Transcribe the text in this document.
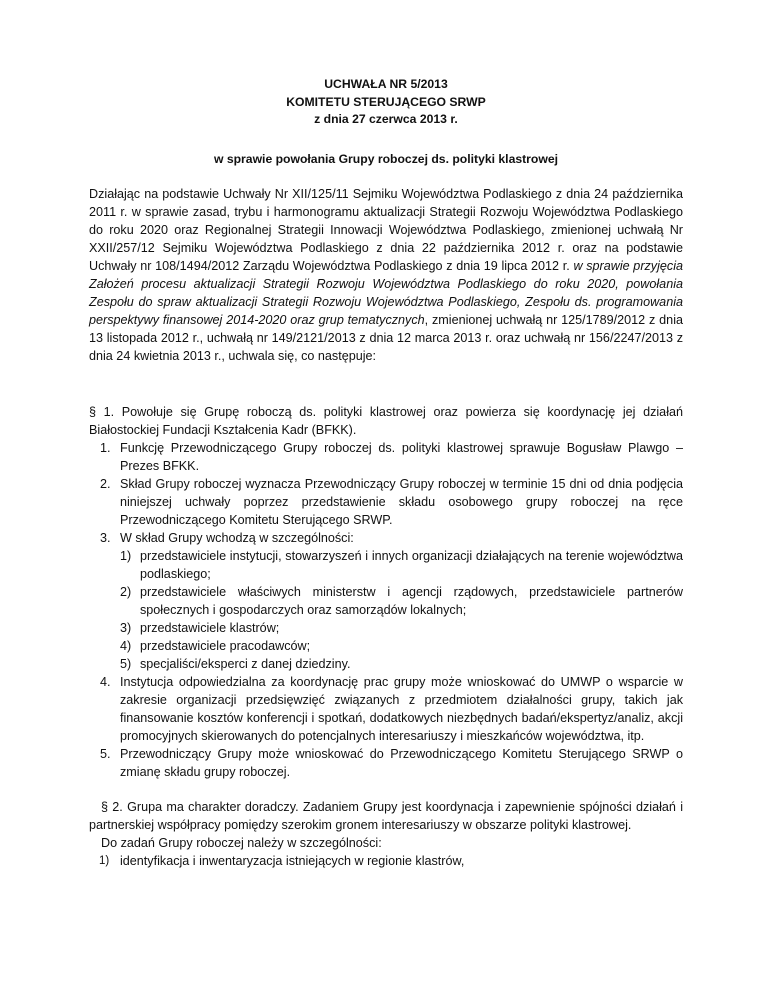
UCHWAŁA NR 5/2013
KOMITETU STERUJĄCEGO SRWP
z dnia 27 czerwca 2013 r.
w sprawie powołania Grupy roboczej ds. polityki klastrowej
Działając na podstawie Uchwały Nr XII/125/11 Sejmiku Województwa Podlaskiego z dnia 24 października 2011 r. w sprawie zasad, trybu i harmonogramu aktualizacji Strategii Rozwoju Województwa Podlaskiego do roku 2020 oraz Regionalnej Strategii Innowacji Województwa Podlaskiego, zmienionej uchwałą Nr XXII/257/12 Sejmiku Województwa Podlaskiego z dnia 22 października 2012 r. oraz na podstawie Uchwały nr 108/1494/2012 Zarządu Województwa Podlaskiego z dnia 19 lipca 2012 r. w sprawie przyjęcia Założeń procesu aktualizacji Strategii Rozwoju Województwa Podlaskiego do roku 2020, powołania Zespołu do spraw aktualizacji Strategii Rozwoju Województwa Podlaskiego, Zespołu ds. programowania perspektywy finansowej 2014-2020 oraz grup tematycznych, zmienionej uchwałą nr 125/1789/2012 z dnia 13 listopada 2012 r., uchwałą nr 149/2121/2013 z dnia 12 marca 2013 r. oraz uchwałą nr 156/2247/2013 z dnia 24 kwietnia 2013 r., uchwala się, co następuje:
§ 1. Powołuje się Grupę roboczą ds. polityki klastrowej oraz powierza się koordynację jej działań Białostockiej Fundacji Kształcenia Kadr (BFKK).
1. Funkcję Przewodniczącego Grupy roboczej ds. polityki klastrowej sprawuje Bogusław Plawgo – Prezes BFKK.
2. Skład Grupy roboczej wyznacza Przewodniczący Grupy roboczej w terminie 15 dni od dnia podjęcia niniejszej uchwały poprzez przedstawienie składu osobowego grupy roboczej na ręce Przewodniczącego Komitetu Sterującego SRWP.
3. W skład Grupy wchodzą w szczególności:
1) przedstawiciele instytucji, stowarzyszeń i innych organizacji działających na terenie województwa podlaskiego;
2) przedstawiciele właściwych ministerstw i agencji rządowych, przedstawiciele partnerów społecznych i gospodarczych oraz samorządów lokalnych;
3) przedstawiciele klastrów;
4) przedstawiciele pracodawców;
5) specjaliści/eksperci z danej dziedziny.
4. Instytucja odpowiedzialna za koordynację prac grupy może wnioskować do UMWP o wsparcie w zakresie organizacji przedsięwzięć związanych z przedmiotem działalności grupy, takich jak finansowanie kosztów konferencji i spotkań, dodatkowych niezbędnych badań/ekspertyz/analiz, akcji promocyjnych skierowanych do potencjalnych interesariuszy i mieszkańców województwa, itp.
5. Przewodniczący Grupy może wnioskować do Przewodniczącego Komitetu Sterującego SRWP o zmianę składu grupy roboczej.
§ 2. Grupa ma charakter doradczy. Zadaniem Grupy jest koordynacja i zapewnienie spójności działań i partnerskiej współpracy pomiędzy szerokim gronem interesariuszy w obszarze polityki klastrowej.
Do zadań Grupy roboczej należy w szczególności:
1) identyfikacja i inwentaryzacja istniejących w regionie klastrów,
